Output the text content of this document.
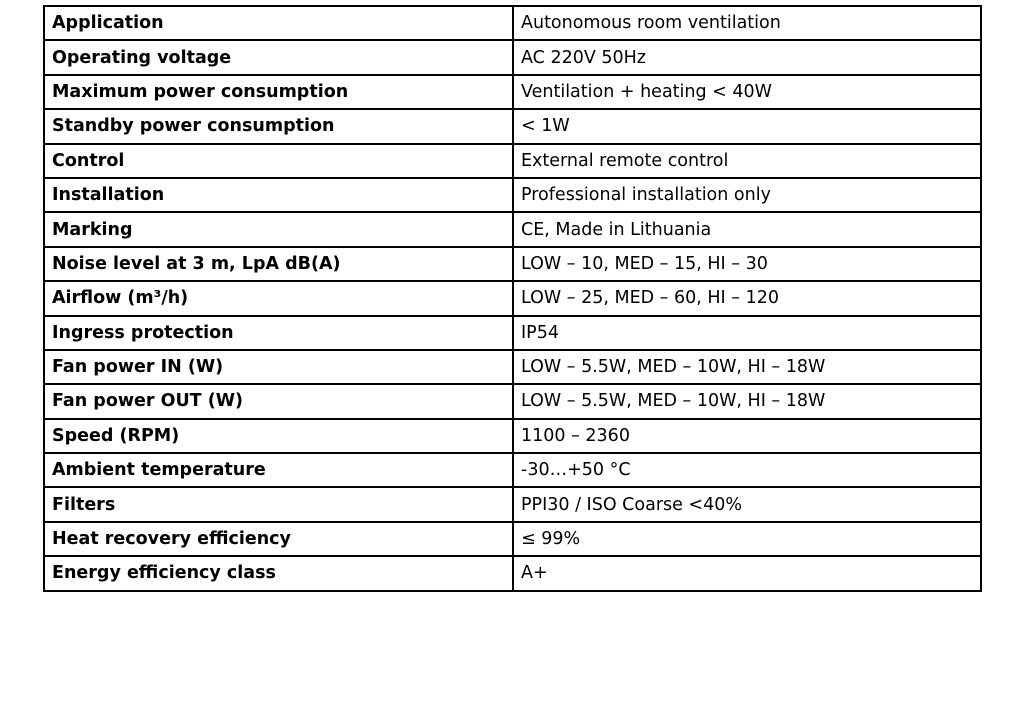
Application	Autonomous room ventilation
Operating voltage	AC 220V 50Hz
Maximum power consumption	Ventilation + heating < 40W
Standby power consumption	< 1W
Control	External remote control
Installation	Professional installation only
Marking	CE, Made in Lithuania
Noise level at 3 m, LpA dB(A)	LOW – 10, MED – 15, HI – 30
Airflow (m³/h)	LOW – 25, MED – 60, HI – 120
Ingress protection	IP54
Fan power IN (W)	LOW – 5.5W, MED – 10W, HI – 18W
Fan power OUT (W)	LOW – 5.5W, MED – 10W, HI – 18W
Speed (RPM)	1100 – 2360
Ambient temperature	-30…+50 °C
Filters	PPI30 / ISO Coarse <40%
Heat recovery efficiency	≤ 99%
Energy efficiency class	A+
